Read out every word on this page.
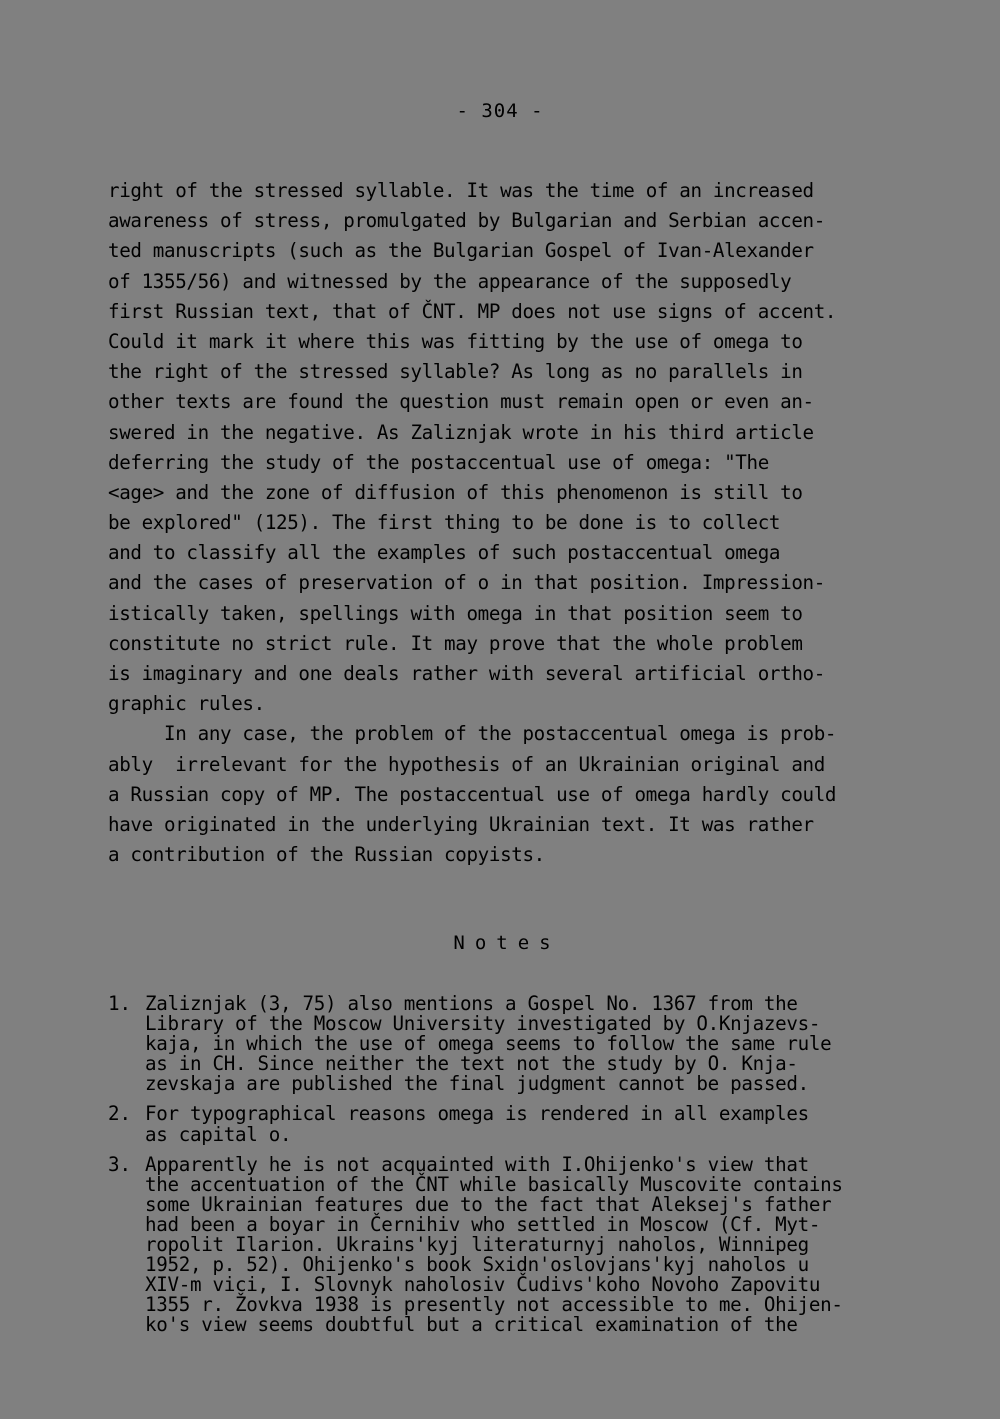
- 304 -
right of the stressed syllable. It was the time of an increased
awareness of stress, promulgated by Bulgarian and Serbian accen-
ted manuscripts (such as the Bulgarian Gospel of Ivan-Alexander
of 1355/56) and witnessed by the appearance of the supposedly
first Russian text, that of ČNT. MP does not use signs of accent.
Could it mark it where this was fitting by the use of omega to
the right of the stressed syllable? As long as no parallels in
other texts are found the question must remain open or even an-
swered in the negative. As Zaliznjak wrote in his third article
deferring the study of the postaccentual use of omega: "The
<age> and the zone of diffusion of this phenomenon is still to
be explored" (125). The first thing to be done is to collect
and to classify all the examples of such postaccentual omega
and the cases of preservation of o in that position. Impression-
istically taken, spellings with omega in that position seem to
constitute no strict rule. It may prove that the whole problem
is imaginary and one deals rather with several artificial ortho-
graphic rules.
In any case, the problem of the postaccentual omega is prob-
ably  irrelevant for the hypothesis of an Ukrainian original and
a Russian copy of MP. The postaccentual use of omega hardly could
have originated in the underlying Ukrainian text. It was rather
a contribution of the Russian copyists.
Notes
1. Zaliznjak (3, 75) also mentions a Gospel No. 1367 from the
Library of the Moscow University investigated by O.Knjazevs-
kaja, in which the use of omega seems to follow the same rule
as in CH. Since neither the text not the study by O. Knja-
zevskaja are published the final judgment cannot be passed.
2. For typographical reasons omega is rendered in all examples
as capital o.
3. Apparently he is not acquainted with I.Ohijenko's view that
the accentuation of the ČNT while basically Muscovite contains
some Ukrainian features due to the fact that Aleksej's father
had been a boyar in Černihiv who settled in Moscow (Cf. Myt-
ropolit Ilarion. Ukrains'kyj literaturnyj naholos, Winnipeg
1952, p. 52). Ohijenko's book Sxidn'oslovjans'kyj naholos u
XIV-m vici, I. Slovnyk naholosiv Čudivs'koho Novoho Zapovitu
1355 r. Žovkva 1938 is presently not accessible to me. Ohijen-
ko's view seems doubtful but a critical examination of the
